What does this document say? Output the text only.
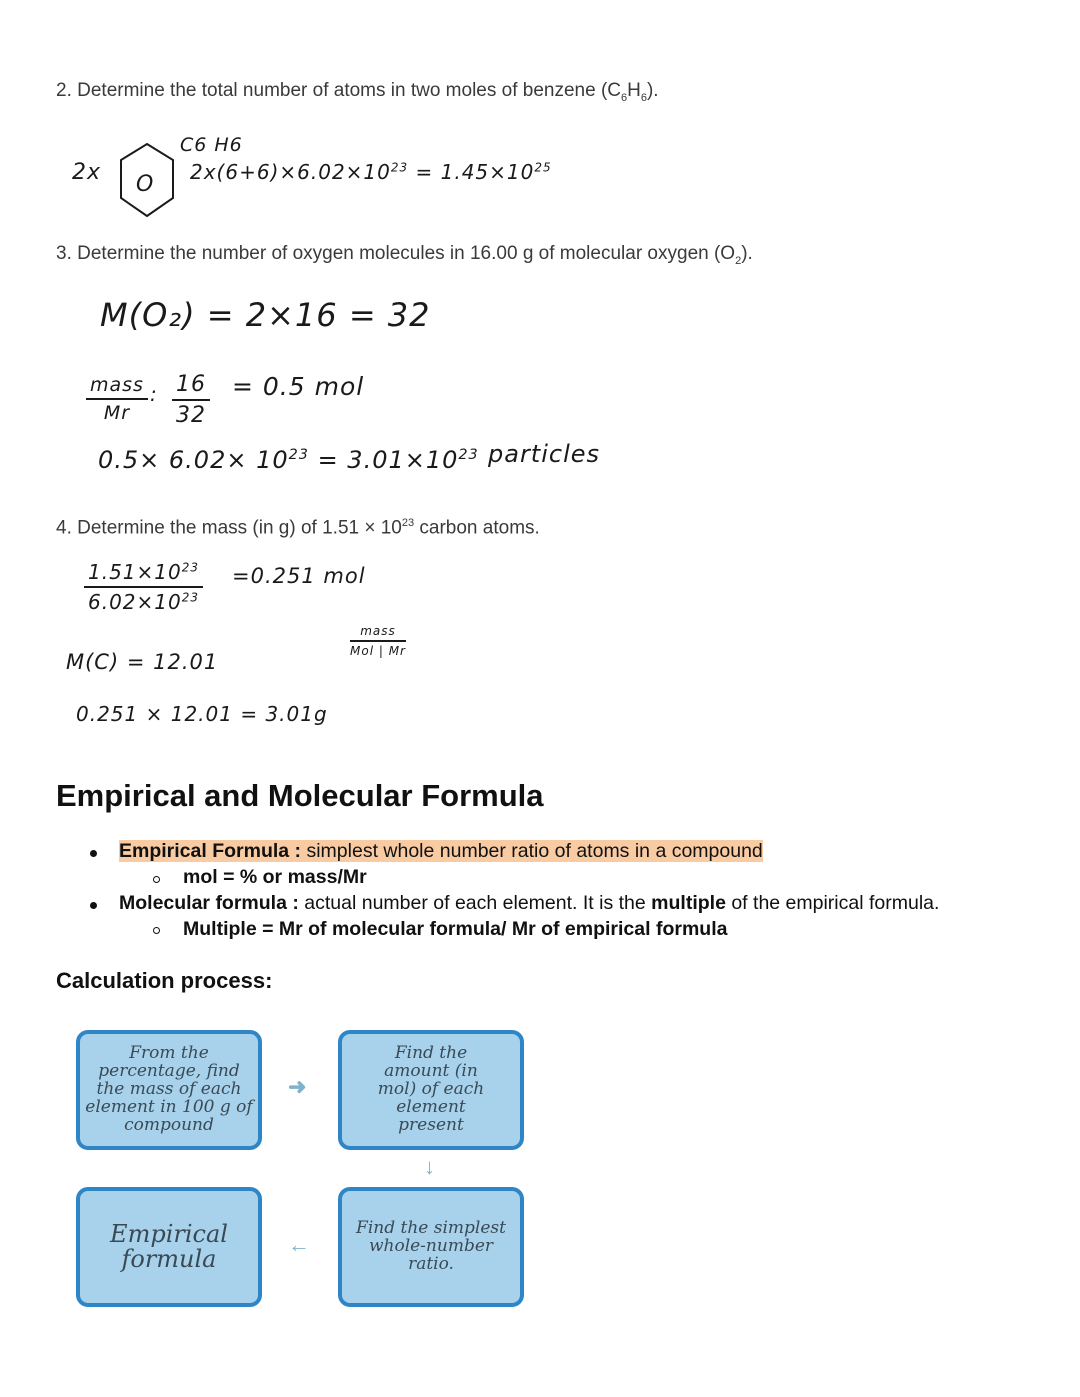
2. Determine the total number of atoms in two moles of benzene $(C_6H_6)$.
2x O
C6 H6
$2x(6+6)\times 6.02\times 10^{23} = 1.45\times 10^{25}$
3. Determine the number of oxygen molecules in 16.00 g of molecular oxygen $(O_2)$.
M(O₂) = 2×16 = 32
mass
Mr
: $\frac{16}{32} = 0.5$ mol
$0.5\times 6.02\times 10^{23} = 3.01\times 10^{23}$ particles
4. Determine the mass (in g) of $1.51 \times 10^{23}$ carbon atoms.
$\frac{1.51\times 10^{23}}{6.02\times 10^{23}} =0.251$ mol
mass
Mol | Mr
M(C) = 12.01
0.251 × 12.01 = 3.01g
Empirical and Molecular Formula
Empirical Formula : simplest whole number ratio of atoms in a compound
mol = % or mass/Mr
Molecular formula : actual number of each element. It is the multiple of the empirical formula.
Multiple = Mr of molecular formula/ Mr of empirical formula
Calculation process:
From the percentage, find the mass of each element in 100 g of compound
➜
Find the amount (in mol) of each element present
↓
Find the simplest whole-number ratio.
←
Empirical formula
